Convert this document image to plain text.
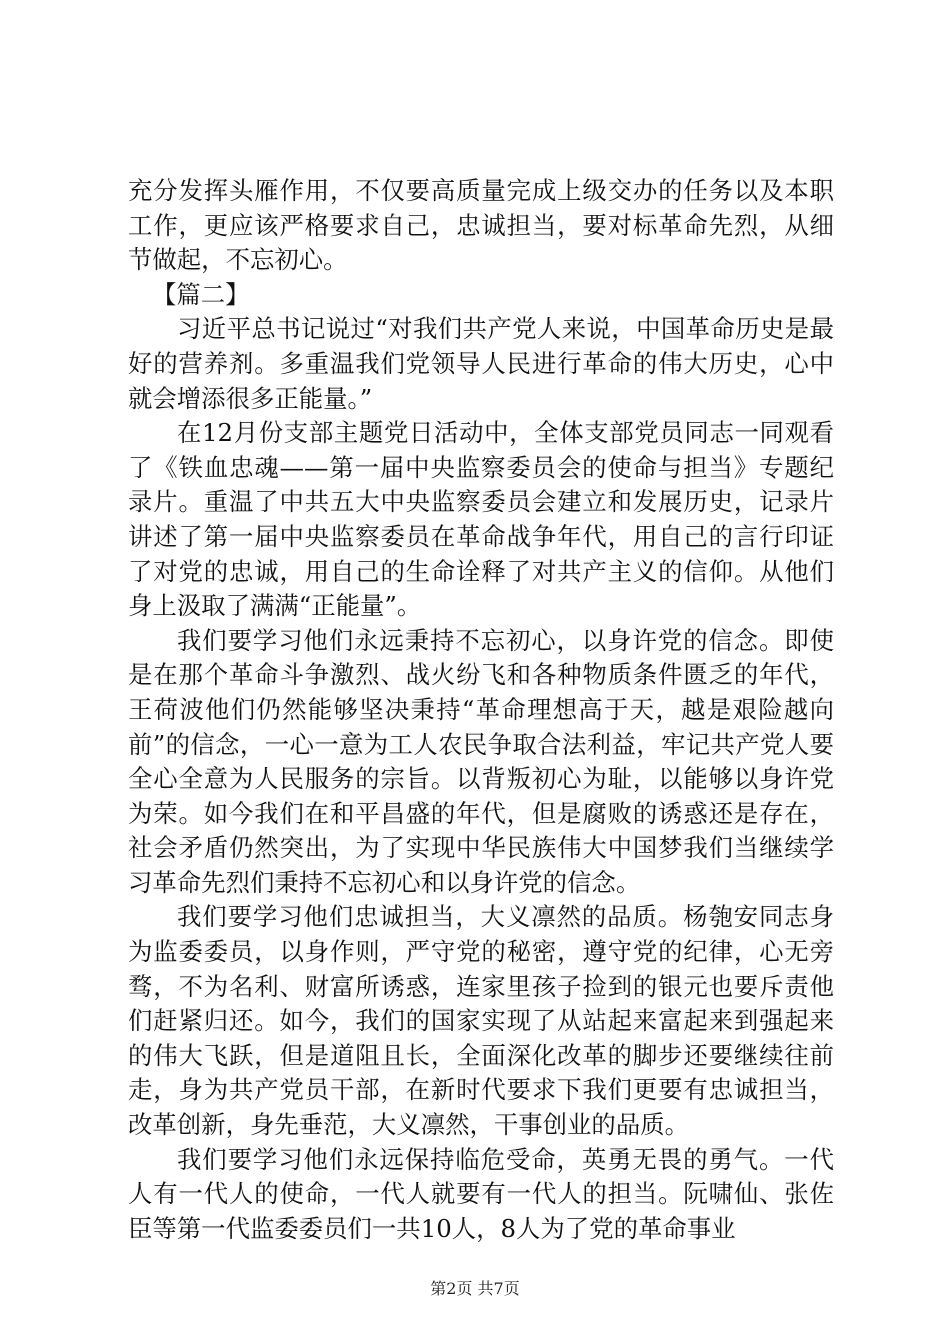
充分发挥头雁作用，不仅要高质量完成上级交办的任务以及本职工作，更应该严格要求自己，忠诚担当，要对标革命先烈，从细节做起，不忘初心。

【篇二】

习近平总书记说过“对我们共产党人来说，中国革命历史是最好的营养剂。多重温我们党领导人民进行革命的伟大历史，心中就会增添很多正能量。”

在12月份支部主题党日活动中，全体支部党员同志一同观看了《铁血忠魂——第一届中央监察委员会的使命与担当》专题纪录片。重温了中共五大中央监察委员会建立和发展历史，记录片讲述了第一届中央监察委员在革命战争年代，用自己的言行印证了对党的忠诚，用自己的生命诠释了对共产主义的信仰。从他们身上汲取了满满“正能量”。

我们要学习他们永远秉持不忘初心，以身许党的信念。即使是在那个革命斗争激烈、战火纷飞和各种物质条件匮乏的年代，王荷波他们仍然能够坚决秉持“革命理想高于天，越是艰险越向前”的信念，一心一意为工人农民争取合法利益，牢记共产党人要全心全意为人民服务的宗旨。以背叛初心为耻，以能够以身许党为荣。如今我们在和平昌盛的年代，但是腐败的诱惑还是存在，社会矛盾仍然突出，为了实现中华民族伟大中国梦我们当继续学习革命先烈们秉持不忘初心和以身许党的信念。

我们要学习他们忠诚担当，大义凛然的品质。杨匏安同志身为监委委员，以身作则，严守党的秘密，遵守党的纪律，心无旁骛，不为名利、财富所诱惑，连家里孩子捡到的银元也要斥责他们赶紧归还。如今，我们的国家实现了从站起来富起来到强起来的伟大飞跃，但是道阻且长，全面深化改革的脚步还要继续往前走，身为共产党员干部，在新时代要求下我们更要有忠诚担当，改革创新，身先垂范，大义凛然，干事创业的品质。

我们要学习他们永远保持临危受命，英勇无畏的勇气。一代人有一代人的使命，一代人就要有一代人的担当。阮啸仙、张佐臣等第一代监委委员们一共10人，8人为了党的革命事业

第2页 共7页
